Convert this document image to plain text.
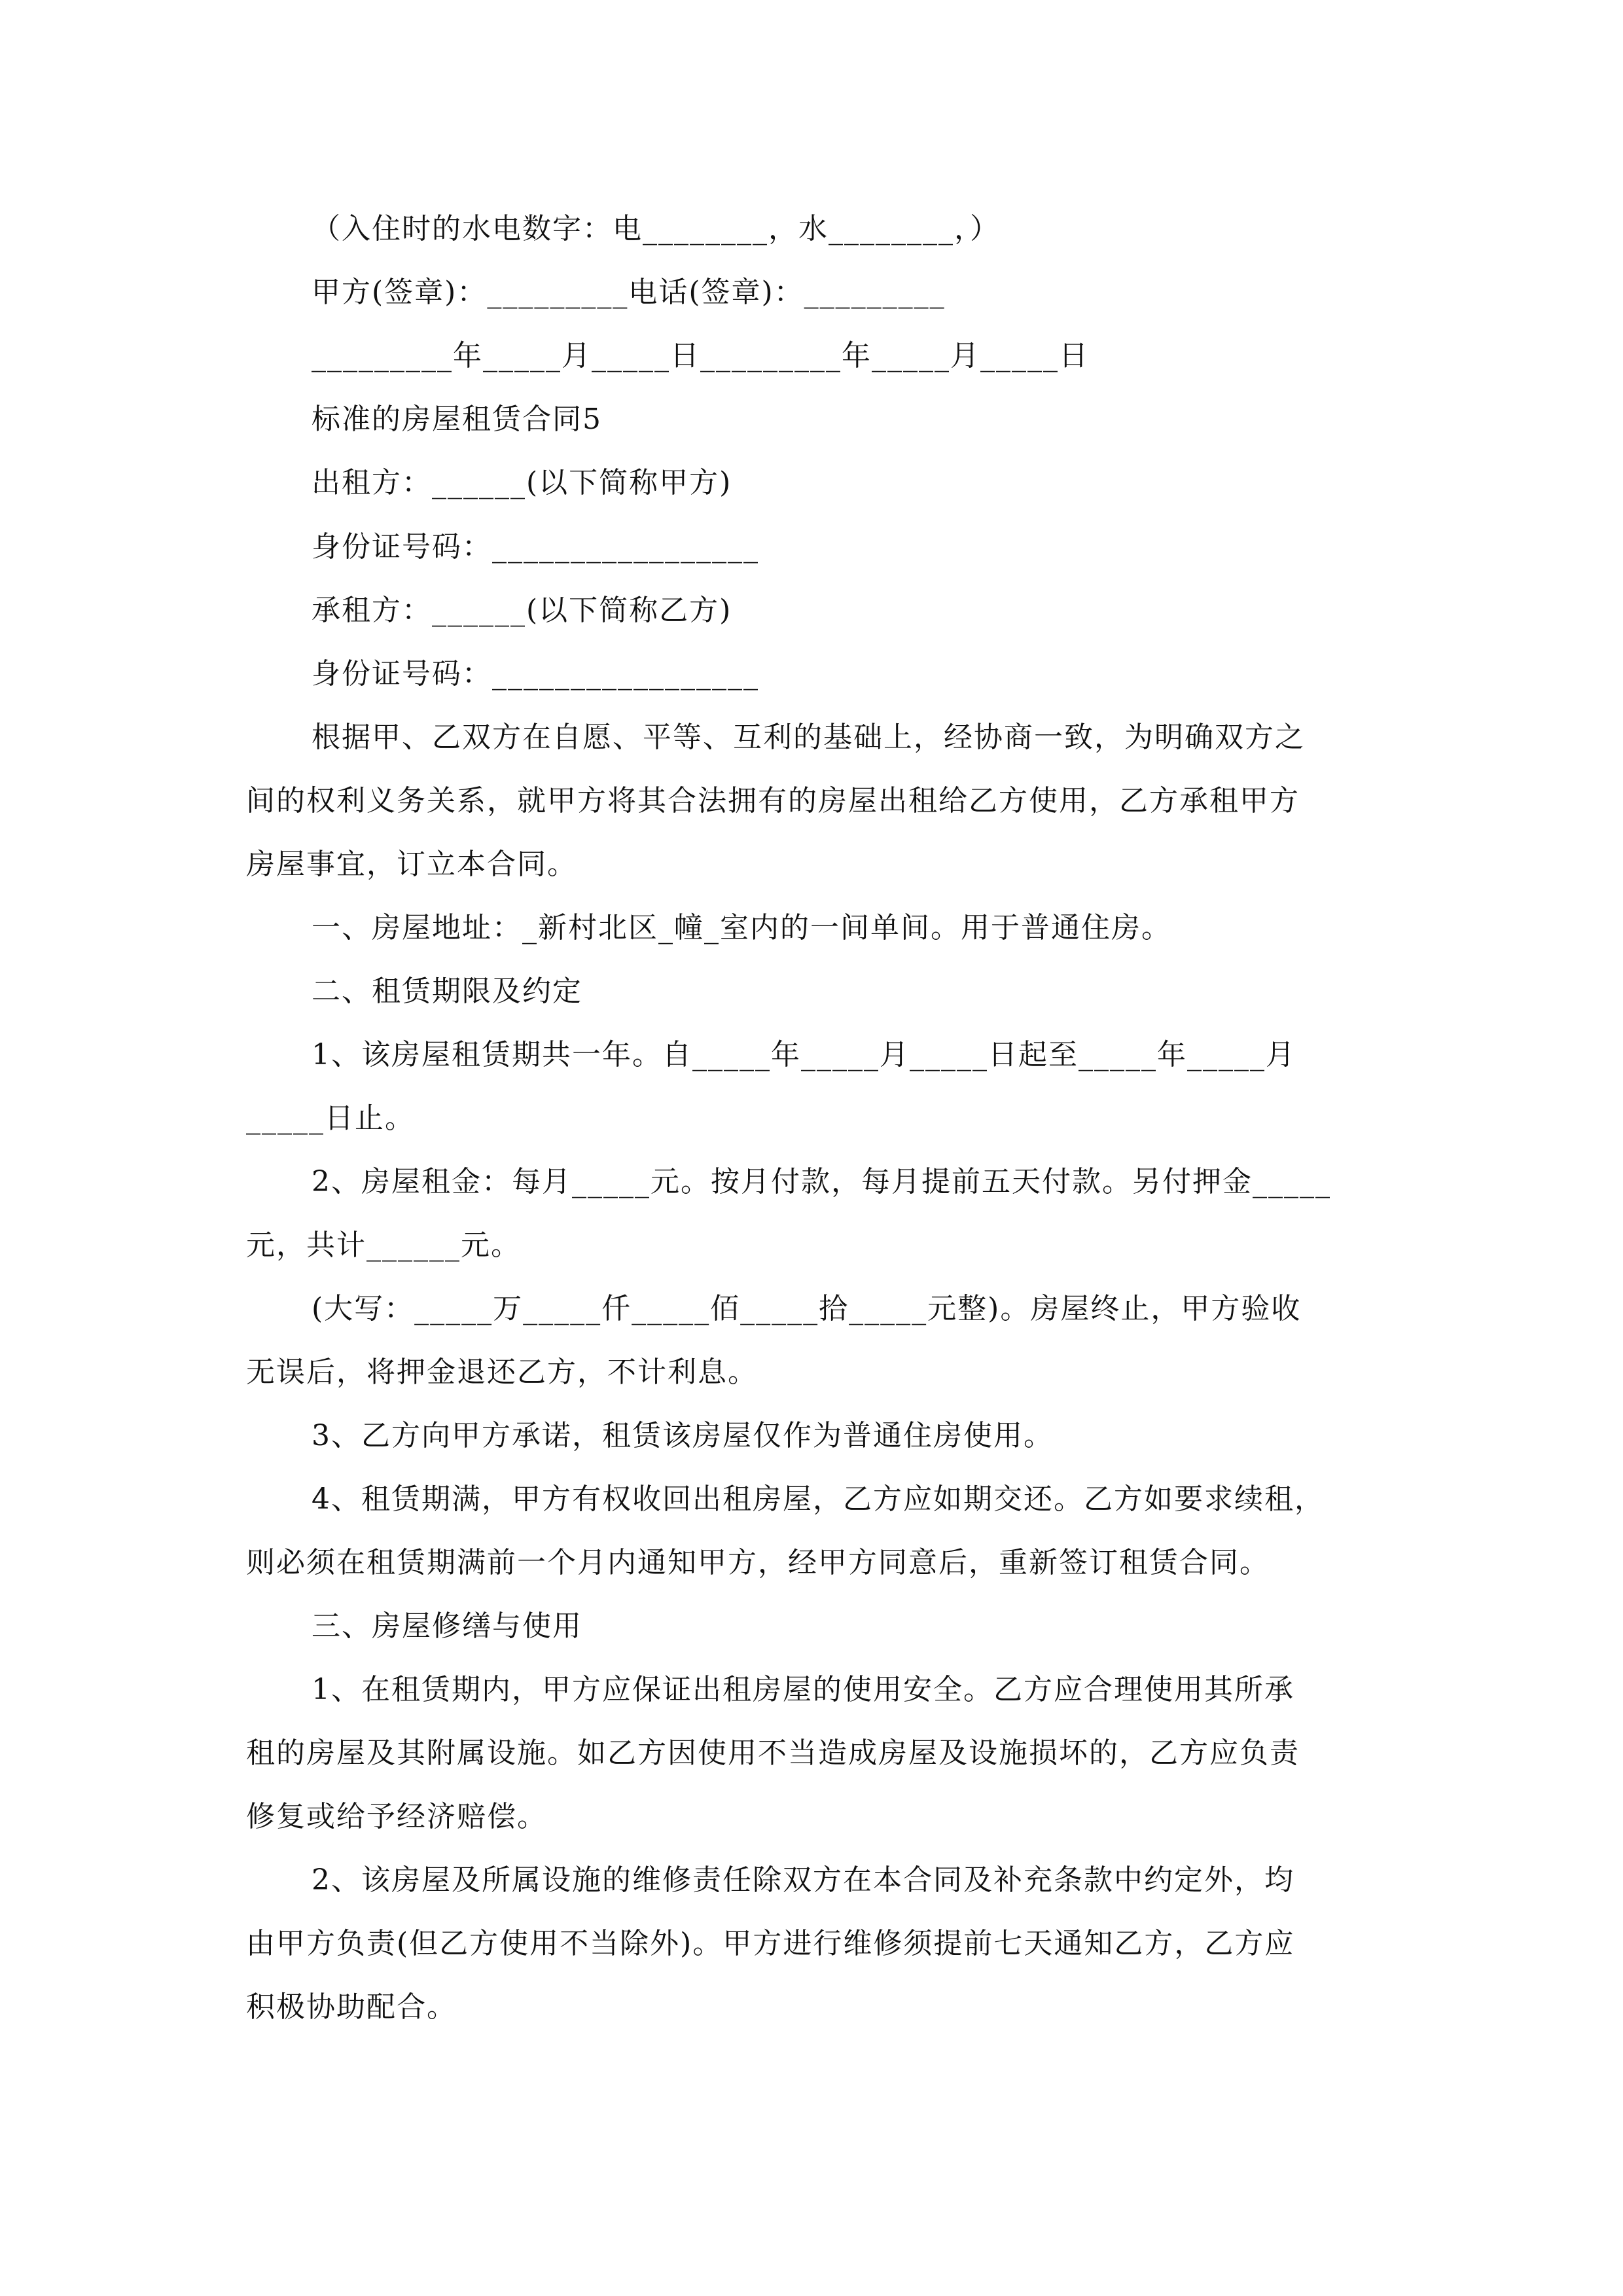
（入住时的水电数字：电________，水________，）
甲方(签章)：_________电话(签章)：_________
_________年_____月_____日_________年_____月_____日
标准的房屋租赁合同5
出租方：______(以下简称甲方)
身份证号码：_________________
承租方：______(以下简称乙方)
身份证号码：_________________
根据甲、乙双方在自愿、平等、互利的基础上，经协商一致，为明确双方之
间的权利义务关系，就甲方将其合法拥有的房屋出租给乙方使用，乙方承租甲方
房屋事宜，订立本合同。
一、房屋地址：_新村北区_幢_室内的一间单间。用于普通住房。
二、租赁期限及约定
1、该房屋租赁期共一年。自_____年_____月_____日起至_____年_____月
_____日止。
2、房屋租金：每月_____元。按月付款，每月提前五天付款。另付押金_____
元，共计______元。
(大写：_____万_____仟_____佰_____拾_____元整)。房屋终止，甲方验收
无误后，将押金退还乙方，不计利息。
3、乙方向甲方承诺，租赁该房屋仅作为普通住房使用。
4、租赁期满，甲方有权收回出租房屋，乙方应如期交还。乙方如要求续租，
则必须在租赁期满前一个月内通知甲方，经甲方同意后，重新签订租赁合同。
三、房屋修缮与使用
1、在租赁期内，甲方应保证出租房屋的使用安全。乙方应合理使用其所承
租的房屋及其附属设施。如乙方因使用不当造成房屋及设施损坏的，乙方应负责
修复或给予经济赔偿。
2、该房屋及所属设施的维修责任除双方在本合同及补充条款中约定外，均
由甲方负责(但乙方使用不当除外)。甲方进行维修须提前七天通知乙方，乙方应
积极协助配合。
